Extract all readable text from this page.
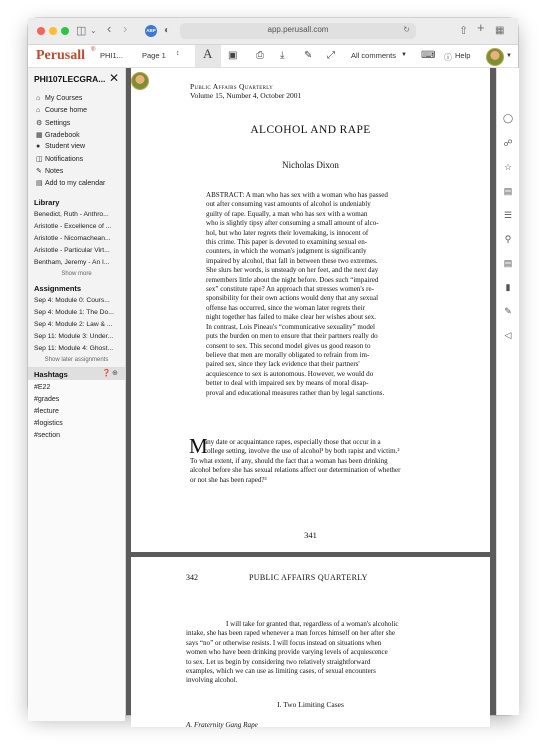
◫ ⌄ ‹ ›	ABP ◐	app.perusall.com	↻	⇧ + ▦
Perusall ®
PHI1...	Page 1 ↕ A ▣ ⎙ ⤓ ✎ ⤢ All comments ▼ ⌨ ⓘ Help	▼
PHI107LECGRA... ✕
⌂ My Courses
⌂ Course home
⚙ Settings
▦ Gradebook
● Student view
◫ Notifications
✎ Notes
▤ Add to my calendar
Library
Benedict, Ruth - Anthro...
Aristotle - Excellence of ...
Aristotle - Nicomachean...
Aristotle - Particular Virt...
Bentham, Jeremy - An I...
Show more
Assignments
Sep 4: Module 0: Cours...
Sep 4: Module 1: The Do...
Sep 4: Module 2: Law & ...
Sep 11: Module 3: Under...
Sep 11: Module 4: Ghost...
Show later assignments
Hashtags	❓ ⊕
#E22
#grades
#lecture
#logistics
#section
Public Affairs Quarterly
Volume 15, Number 4, October 2001
ALCOHOL AND RAPE
Nicholas Dixon
ABSTRACT: A man who has sex with a woman who has passed
out after consuming vast amounts of alcohol is undeniably
guilty of rape. Equally, a man who has sex with a woman
who is slightly tipsy after consuming a small amount of alco-
hol, but who later regrets their lovemaking, is innocent of
this crime. This paper is devoted to examining sexual en-
counters, in which the woman's judgment is significantly
impaired by alcohol, that fall in between these two extremes.
She slurs her words, is unsteady on her feet, and the next day
remembers little about the night before. Does such “impaired
sex” constitute rape? An approach that stresses women's re-
sponsibility for their own actions would deny that any sexual
offense has occurred, since the woman later regrets their
night together has failed to make clear her wishes about sex.
In contrast, Lois Pineau's “communicative sexuality” model
puts the burden on men to ensure that their partners really do
consent to sex. This second model gives us good reason to
believe that men are morally obligated to refrain from im-
paired sex, since they lack evidence that their partners'
acquiescence to sex is autonomous. However, we would do
better to deal with impaired sex by means of moral disap-
proval and educational measures rather than by legal sanctions.
M
any date or acquaintance rapes, especially those that occur in a
college setting, involve the use of alcohol¹ by both rapist and victim.²
To what extent, if any, should the fact that a woman has been drinking
alcohol before she has sexual relations affect our determination of whether
or not she has been raped?³
341
342	PUBLIC AFFAIRS QUARTERLY
I will take for granted that, regardless of a woman's alcoholic
intake, she has been raped whenever a man forces himself on her after she
says “no” or otherwise resists. I will focus instead on situations when
women who have been drinking provide varying levels of acquiescence
to sex. Let us begin by considering two relatively straightforward
examples, which we can use as limiting cases, of sexual encounters
involving alcohol.
I. Two Limiting Cases
A. Fraternity Gang Rape
◯
☍
☆
▤
☰
⚲
▤
▮
✎
◁
